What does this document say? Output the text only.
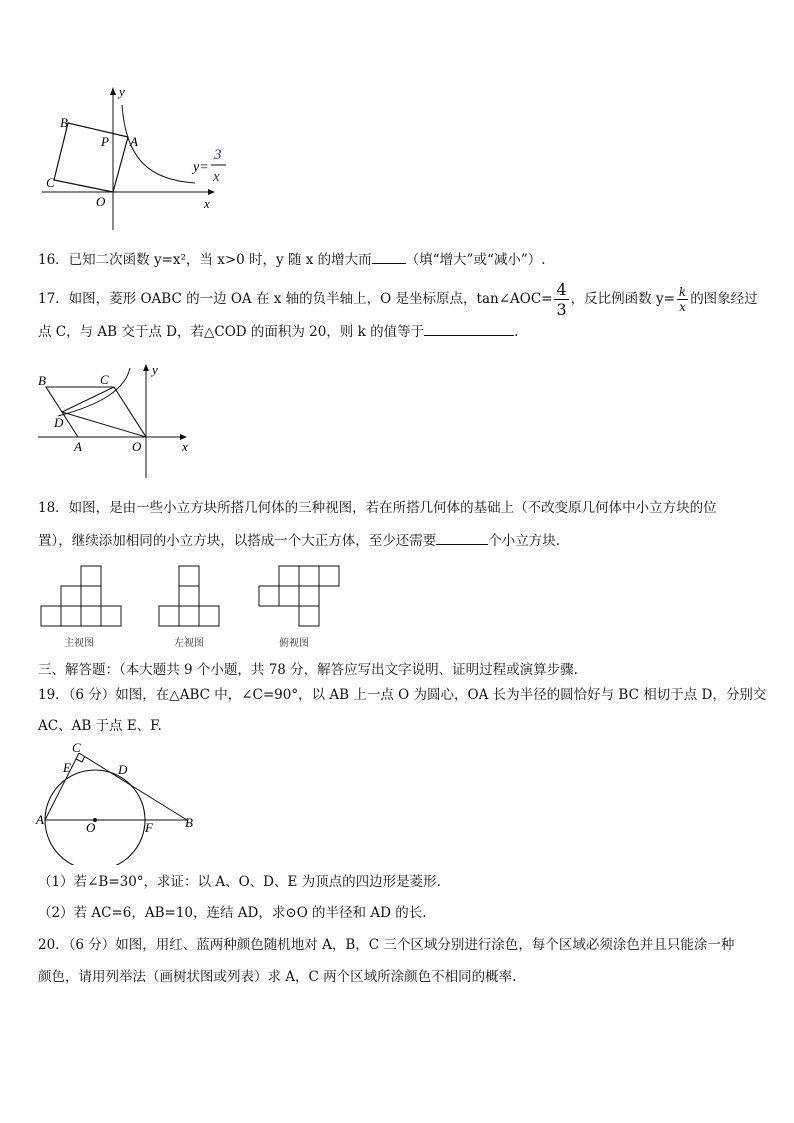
y
x
B
P A
C
O
y=
3
x
16．已知二次函数 y=x²，当 x>0 时，y 随 x 的增大而	（填“增大”或“减小”）.
17．如图，菱形 OABC 的一边 OA 在 x 轴的负半轴上，O 是坐标原点，tan∠AOC= $\frac{4}{3}$ ，反比例函数 $y= \frac{k}{x}$ 的图象经过
点 C，与 AB 交于点 D，若△COD 的面积为 20，则 k 的值等于	.
B	C
D
A	O	x
y
18．如图，是由一些小立方块所搭几何体的三种视图，若在所搭几何体的基础上（不改变原几何体中小立方块的位
置），继续添加相同的小立方块，以搭成一个大正方体，至少还需要	个小立方块.
主视图	左视图	俯视图
三、解答题：（本大题共 9 个小题，共 78 分，解答应写出文字说明、证明过程或演算步骤.
19．（6 分）如图，在△ABC 中，∠C=90°，以 AB 上一点 O 为圆心，OA 长为半径的圆恰好与 BC 相切于点 D，分别交
AC、AB 于点 E、F.
C
E	D
A
O	F B
（1）若∠B=30°，求证：以 A、O、D、E 为顶点的四边形是菱形.
（2）若 AC=6，AB=10，连结 AD，求⊙O 的半径和 AD 的长.
20．（6 分）如图，用红、蓝两种颜色随机地对 A，B，C 三个区域分别进行涂色，每个区域必须涂色并且只能涂一种
颜色，请用列举法（画树状图或列表）求 A，C 两个区域所涂颜色不相同的概率.
